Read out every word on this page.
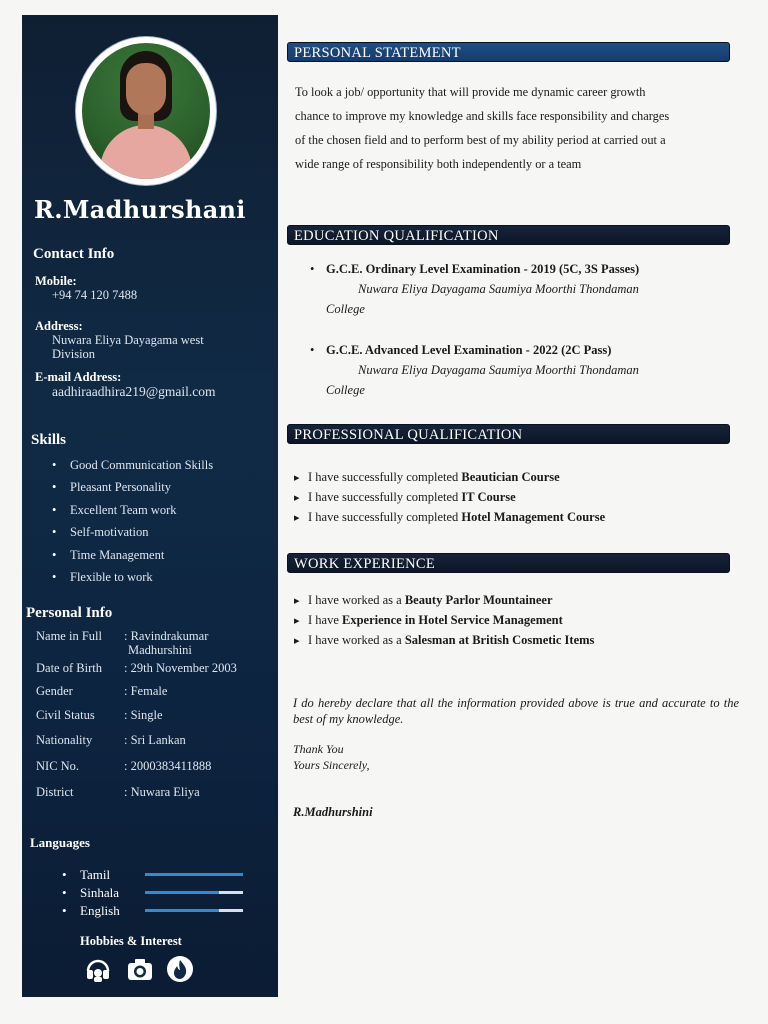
R.Madhurshani
Contact Info
Mobile:
+94 74 120 7488
Address:
Nuwara Eliya Dayagama west
Division
E-mail Address:
aadhiraadhira219@gmail.com
Skills
• Good Communication Skills
• Pleasant Personality
• Excellent Team work
• Self-motivation
• Time Management
• Flexible to work
Personal Info
Name in Full	: Ravindrakumar
Madhurshini
Date of Birth	: 29th November 2003
Gender	: Female
Civil Status	: Single
Nationality	: Sri Lankan
NIC No.	: 2000383411888
District	: Nuwara Eliya
Languages
• Tamil
• Sinhala
• English
Hobbies & Interest
PERSONAL STATEMENT
To look a job/ opportunity that will provide me dynamic career growth
chance to improve my knowledge and skills face responsibility and charges
of the chosen field and to perform best of my ability period at carried out a
wide range of responsibility both independently or a team
EDUCATION QUALIFICATION
• G.C.E. Ordinary Level Examination - 2019 (5C, 3S Passes)
Nuwara Eliya Dayagama Saumiya Moorthi Thondaman
College
• G.C.E. Advanced Level Examination - 2022 (2C Pass)
Nuwara Eliya Dayagama Saumiya Moorthi Thondaman
College
PROFESSIONAL QUALIFICATION
▸ I have successfully completed Beautician Course
▸ I have successfully completed IT Course
▸ I have successfully completed Hotel Management Course
WORK EXPERIENCE
▸ I have worked as a Beauty Parlor Mountaineer
▸ I have Experience in Hotel Service Management
▸ I have worked as a Salesman at British Cosmetic Items
I do hereby declare that all the information provided above is true and accurate to the best of my knowledge.
Thank You
Yours Sincerely,
R.Madhurshini
